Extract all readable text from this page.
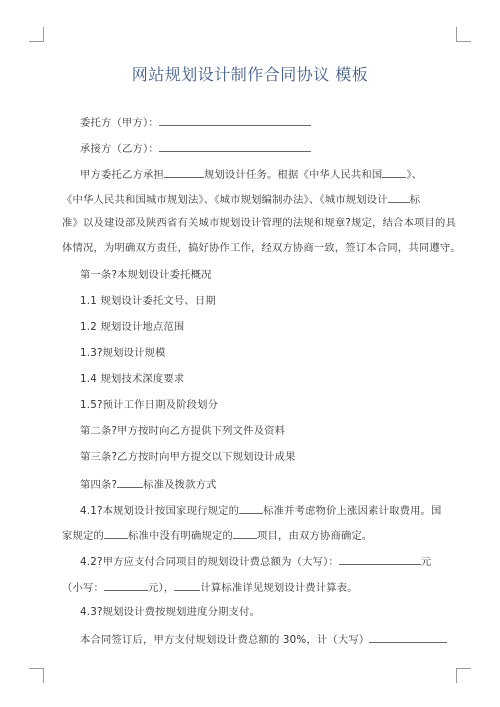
网站规划设计制作合同协议 模板
委托方（甲方）：
承接方（乙方）：
甲方委托乙方承担	规划设计任务。根据《中华人民共和国 》、
《中华人民共和国城市规划法》、《城市规划编制办法》、《城市规划设计 标
准》以及建设部及陕西省有关城市规划设计管理的法规和规章?规定，结合本项目的具
体情况，为明确双方责任，搞好协作工作，经双方协商一致，签订本合同，共同遵守。
第一条?本规划设计委托概况
1.1 规划设计委托文号、日期
1.2 规划设计地点范围
1.3?规划设计规模
1.4 规划技术深度要求
1.5?预计工作日期及阶段划分
第二条?甲方按时向乙方提供下列文件及资料
第三条?乙方按时向甲方提交以下规划设计成果
第四条?	标准及拨款方式
4.1?本规划设计按国家现行规定的 标准并考虑物价上涨因素计取费用。国
家规定的 标准中没有明确规定的 项目，由双方协商确定。
4.2?甲方应支付合同项目的规划设计费总额为（大写）：	元
（小写：	元），	计算标准详见规划设计费计算表。
4.3?规划设计费按规划进度分期支付。
本合同签订后，甲方支付规划设计费总额的 30%，计（大写）
